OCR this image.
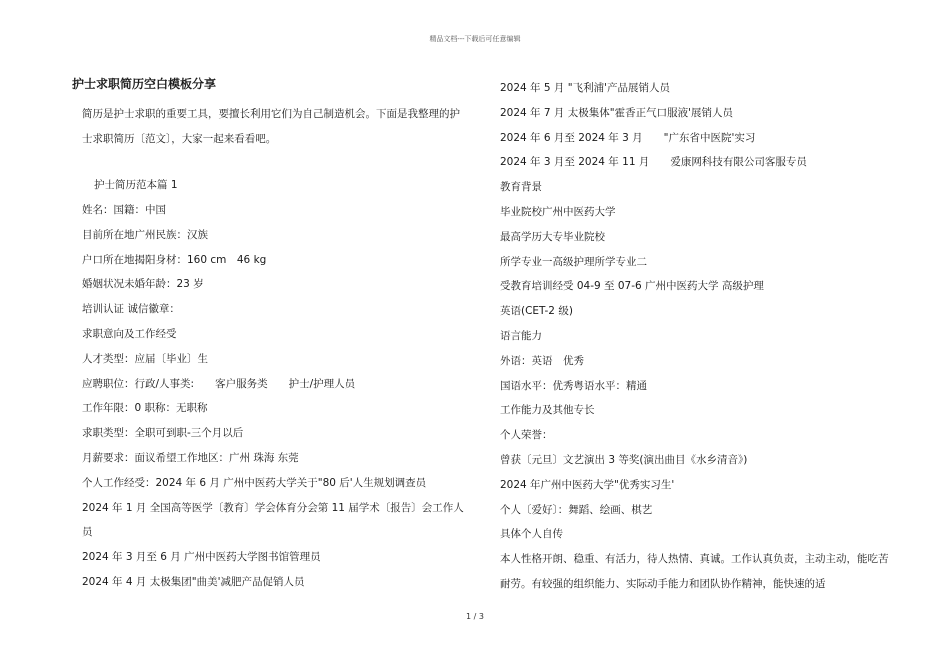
精品文档---下载后可任意编辑
护士求职简历空白模板分享

简历是护士求职的重要工具，要擅长利用它们为自己制造机会。下面是我整理的护士求职简历〔范文〕，大家一起来看看吧。

护士简历范本篇 1

姓名：国籍：中国

目前所在地广州民族：汉族

户口所在地揭阳身材：160 cm　46 kg

婚姻状况未婚年龄：23 岁

培训认证 诚信徽章：

求职意向及工作经受

人才类型：应届〔毕业〕生

应聘职位：行政/人事类:　　客户服务类　　护士/护理人员

工作年限：0 职称：无职称

求职类型：全职可到职-三个月以后

月薪要求：面议希望工作地区：广州 珠海 东莞

个人工作经受：2024 年 6 月 广州中医药大学关于"80 后'人生规划调查员

2024 年 1 月 全国高等医学〔教育〕学会体育分会第 11 届学术〔报告〕会工作人员

2024 年 3 月至 6 月 广州中医药大学图书馆管理员

2024 年 4 月 太极集团"曲美'减肥产品促销人员

2024 年 5 月 "飞利浦'产品展销人员

2024 年 7 月 太极集体"霍香正气口服液'展销人员

2024 年 6 月至 2024 年 3 月　　"广东省中医院'实习

2024 年 3 月至 2024 年 11 月　　爱康网科技有限公司客服专员

教育背景

毕业院校广州中医药大学

最高学历大专毕业院校

所学专业一高级护理所学专业二

受教育培训经受 04-9 至 07-6 广州中医药大学 高级护理

英语(CET-2 级)

语言能力

外语：英语　优秀

国语水平：优秀粤语水平：精通

工作能力及其他专长

个人荣誉：

曾获〔元旦〕文艺演出 3 等奖(演出曲目《水乡清音》)

2024 年广州中医药大学"优秀实习生'

个人〔爱好〕：舞蹈、绘画、棋艺

具体个人自传

本人性格开朗、稳重、有活力，待人热情、真诚。工作认真负责，主动主动，能吃苦耐劳。有较强的组织能力、实际动手能力和团队协作精神，能快速的适

1 / 3
